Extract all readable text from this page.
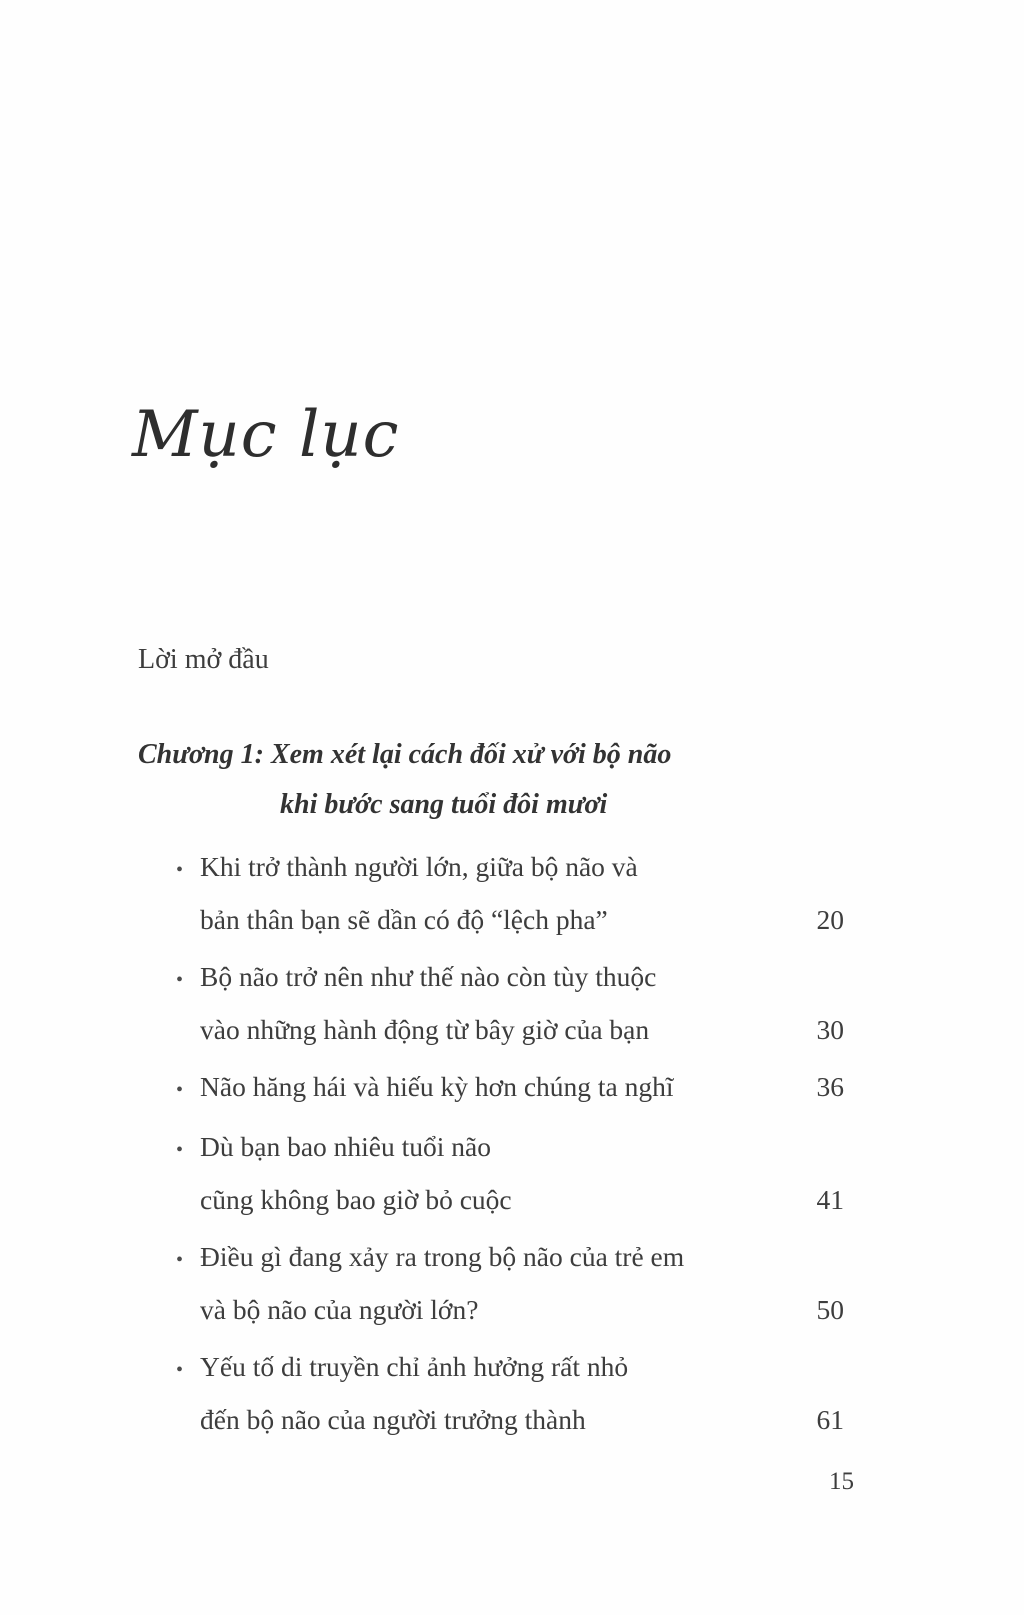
Mục lục
Lời mở đầu
Chương 1: Xem xét lại cách đối xử với bộ não
khi bước sang tuổi đôi mươi
• Khi trở thành người lớn, giữa bộ não và
bản thân bạn sẽ dần có độ “lệch pha”	20
• Bộ não trở nên như thế nào còn tùy thuộc
vào những hành động từ bây giờ của bạn	30
• Não hăng hái và hiếu kỳ hơn chúng ta nghĩ	36
• Dù bạn bao nhiêu tuổi não
cũng không bao giờ bỏ cuộc	41
• Điều gì đang xảy ra trong bộ não của trẻ em
và bộ não của người lớn?	50
• Yếu tố di truyền chỉ ảnh hưởng rất nhỏ
đến bộ não của người trưởng thành	61
15
